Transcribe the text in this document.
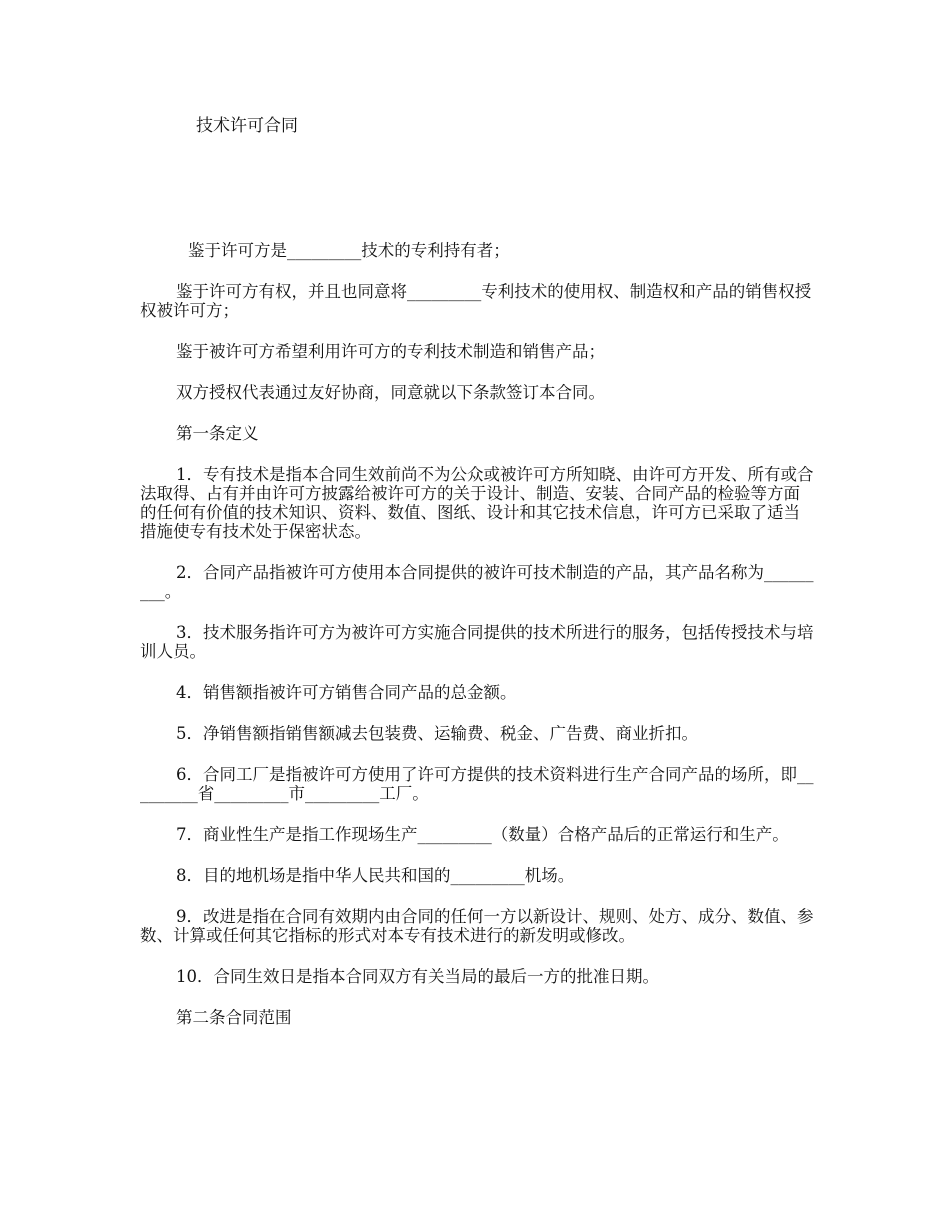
技术许可合同

鉴于许可方是_________技术的专利持有者；

鉴于许可方有权，并且也同意将_________专利技术的使用权、制造权和产品的销售权授权被许可方；

鉴于被许可方希望利用许可方的专利技术制造和销售产品；

双方授权代表通过友好协商，同意就以下条款签订本合同。

第一条定义

1．专有技术是指本合同生效前尚不为公众或被许可方所知晓、由许可方开发、所有或合法取得、占有并由许可方披露给被许可方的关于设计、制造、安装、合同产品的检验等方面的任何有价值的技术知识、资料、数值、图纸、设计和其它技术信息，许可方已采取了适当措施使专有技术处于保密状态。

2．合同产品指被许可方使用本合同提供的被许可技术制造的产品，其产品名称为_________。

3．技术服务指许可方为被许可方实施合同提供的技术所进行的服务，包括传授技术与培训人员。

4．销售额指被许可方销售合同产品的总金额。

5．净销售额指销售额减去包装费、运输费、税金、广告费、商业折扣。

6．合同工厂是指被许可方使用了许可方提供的技术资料进行生产合同产品的场所，即_________省_________市_________工厂。

7．商业性生产是指工作现场生产_________（数量）合格产品后的正常运行和生产。

8．目的地机场是指中华人民共和国的_________机场。

9．改进是指在合同有效期内由合同的任何一方以新设计、规则、处方、成分、数值、参数、计算或任何其它指标的形式对本专有技术进行的新发明或修改。

10．合同生效日是指本合同双方有关当局的最后一方的批准日期。

第二条合同范围
